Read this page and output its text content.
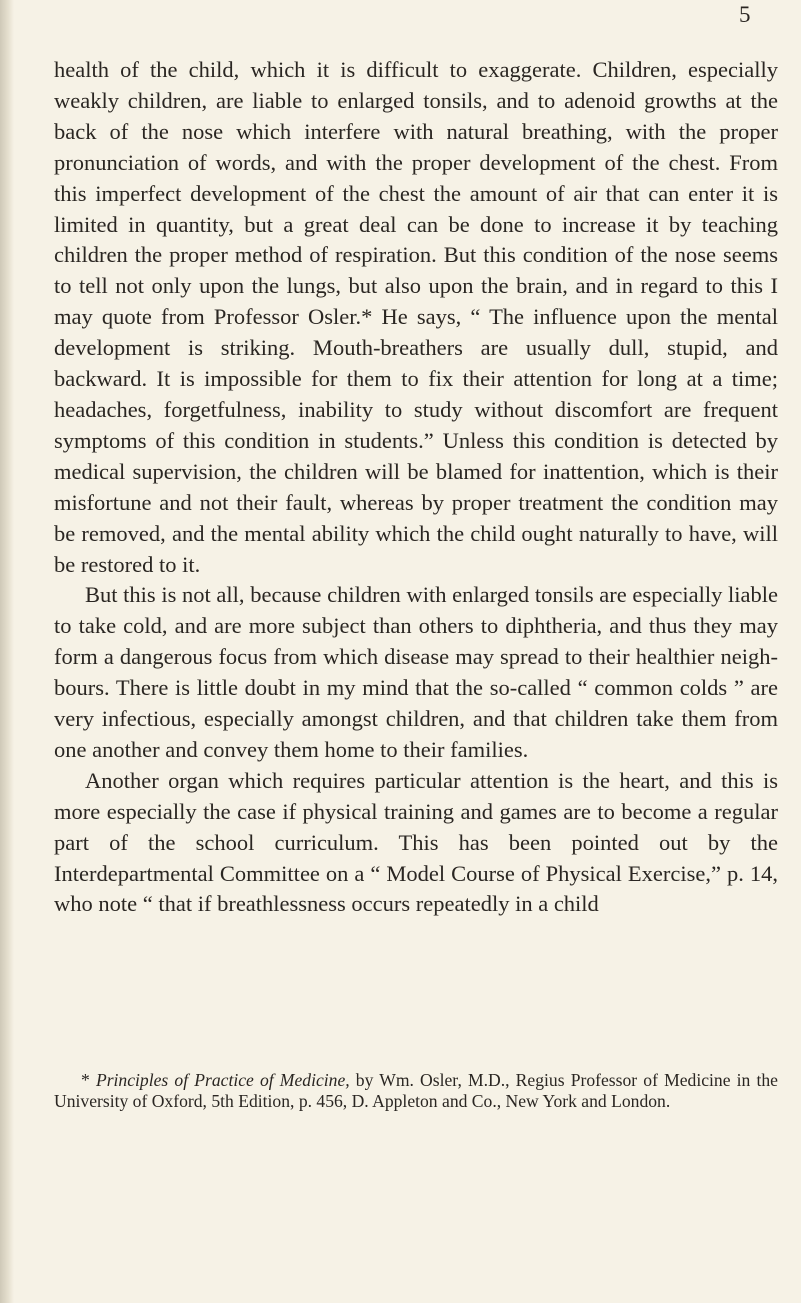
5

health of the child, which it is difficult to exaggerate. Children, especially weakly children, are liable to enlarged tonsils, and to adenoid growths at the back of the nose which interfere with natural breathing, with the proper pronunciation of words, and with the proper development of the chest. From this imperfect development of the chest the amount of air that can enter it is limited in quantity, but a great deal can be done to increase it by teaching children the proper method of respiration. But this condition of the nose seems to tell not only upon the lungs, but also upon the brain, and in regard to this I may quote from Professor Osler.* He says, “ The influence upon the mental development is striking. Mouth-breathers are usually dull, stupid, and backward. It is impossible for them to fix their attention for long at a time; headaches, forgetfulness, inability to study without discomfort are frequent symptoms of this condition in students.” Unless this condition is detected by medical supervision, the children will be blamed for inattention, which is their misfortune and not their fault, whereas by proper treatment the condition may be removed, and the mental ability which the child ought naturally to have, will be restored to it.

But this is not all, because children with enlarged tonsils are especially liable to take cold, and are more subject than others to diphtheria, and thus they may form a dangerous focus from which disease may spread to their healthier neighbours. There is little doubt in my mind that the so-called “ common colds ” are very infectious, especially amongst children, and that children take them from one another and convey them home to their families.

Another organ which requires particular attention is the heart, and this is more especially the case if physical training and games are to become a regular part of the school curriculum. This has been pointed out by the Interdepartmental Committee on a “ Model Course of Physical Exercise,” p. 14, who note “ that if breathlessness occurs repeatedly in a child

* Principles of Practice of Medicine, by Wm. Osler, M.D., Regius Professor of Medicine in the University of Oxford, 5th Edition, p. 456, D. Appleton and Co., New York and London.
